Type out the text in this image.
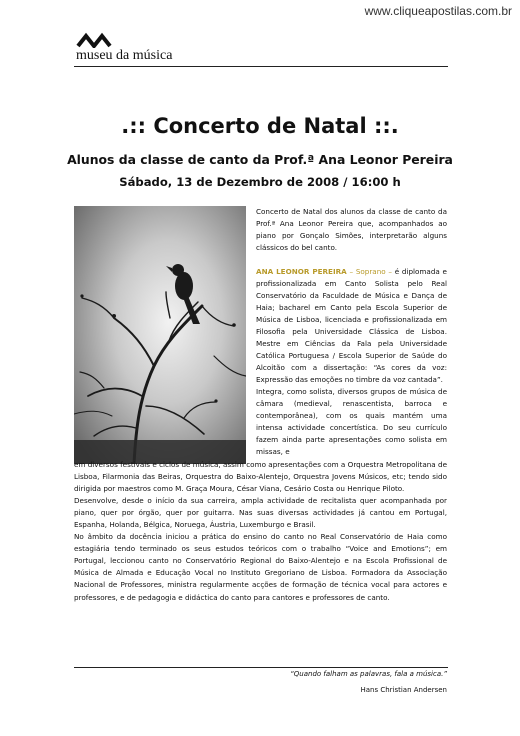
www.cliqueapostilas.com.br
museu da música
.:: Concerto de Natal ::.
Alunos da classe de canto da Prof.ª Ana Leonor Pereira
Sábado, 13 de Dezembro de 2008 / 16:00 h

Concerto de Natal dos alunos da classe de canto da Prof.ª Ana Leonor Pereira que, acompanhados ao piano por Gonçalo Simões, interpretarão alguns clássicos do bel canto.

ANA LEONOR PEREIRA – Soprano – é diplomada e profissionalizada em Canto Solista pelo Real Conservatório da Faculdade de Música e Dança de Haia; bacharel em Canto pela Escola Superior de Música de Lisboa, licenciada e profissionalizada em Filosofia pela Universidade Clássica de Lisboa. Mestre em Ciências da Fala pela Universidade Católica Portuguesa / Escola Superior de Saúde do Alcoitão com a dissertação: “As cores da voz: Expressão das emoções no timbre da voz cantada”.

Integra, como solista, diversos grupos de música de câmara (medieval, renascentista, barroca e contemporânea), com os quais mantém uma intensa actividade concertística. Do seu currículo fazem ainda parte apresentações como solista em missas, e

em diversos festivais e ciclos de música, assim como apresentações com a Orquestra Metropolitana de Lisboa, Filarmonia das Beiras, Orquestra do Baixo-Alentejo, Orquestra Jovens Músicos, etc; tendo sido dirigida por maestros como M. Graça Moura, César Viana, Cesário Costa ou Henrique Piloto.

Desenvolve, desde o início da sua carreira, ampla actividade de recitalista quer acompanhada por piano, quer por órgão, quer por guitarra. Nas suas diversas actividades já cantou em Portugal, Espanha, Holanda, Bélgica, Noruega, Áustria, Luxemburgo e Brasil.

No âmbito da docência iniciou a prática do ensino do canto no Real Conservatório de Haia como estagiária tendo terminado os seus estudos teóricos com o trabalho “Voice and Emotions”; em Portugal, leccionou canto no Conservatório Regional do Baixo-Alentejo e na Escola Profissional de Música de Almada e Educação Vocal no Instituto Gregoriano de Lisboa. Formadora da Associação Nacional de Professores, ministra regularmente acções de formação de técnica vocal para actores e professores, e de pedagogia e didáctica do canto para cantores e professores de canto.

“Quando falham as palavras, fala a música.”
Hans Christian Andersen
